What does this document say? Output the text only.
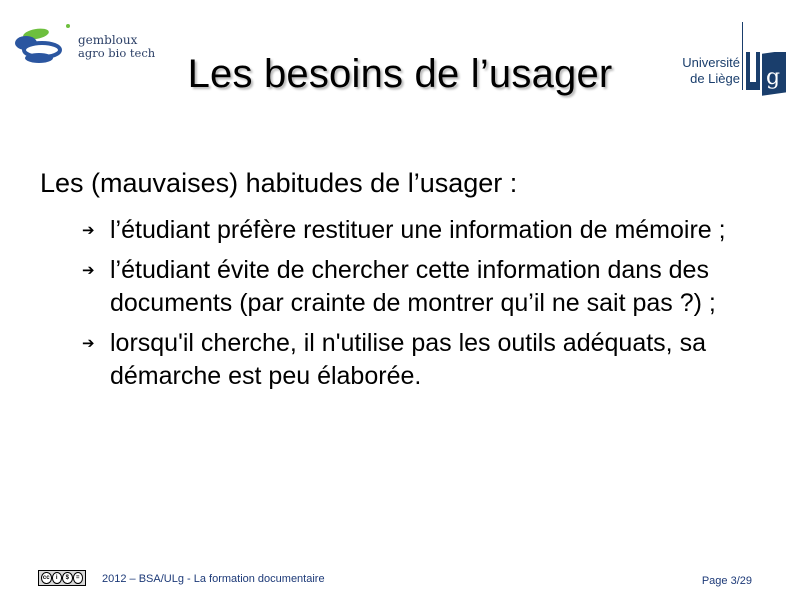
gembloux
agro bio tech Les besoins de l’usager	Université
de Liège g

Les (mauvaises) habitudes de l’usager :

➔ l’étudiant préfère restituer une information de mémoire ;
➔ l’étudiant évite de chercher cette information dans des documents (par crainte de montrer qu’il ne sait pas ?) ;
➔ lorsqu'il cherche, il n'utilise pas les outils adéquats, sa démarche est peu élaborée.
cc	i	$	=	2012 – BSA/ULg - La formation documentaire	Page 3/29
